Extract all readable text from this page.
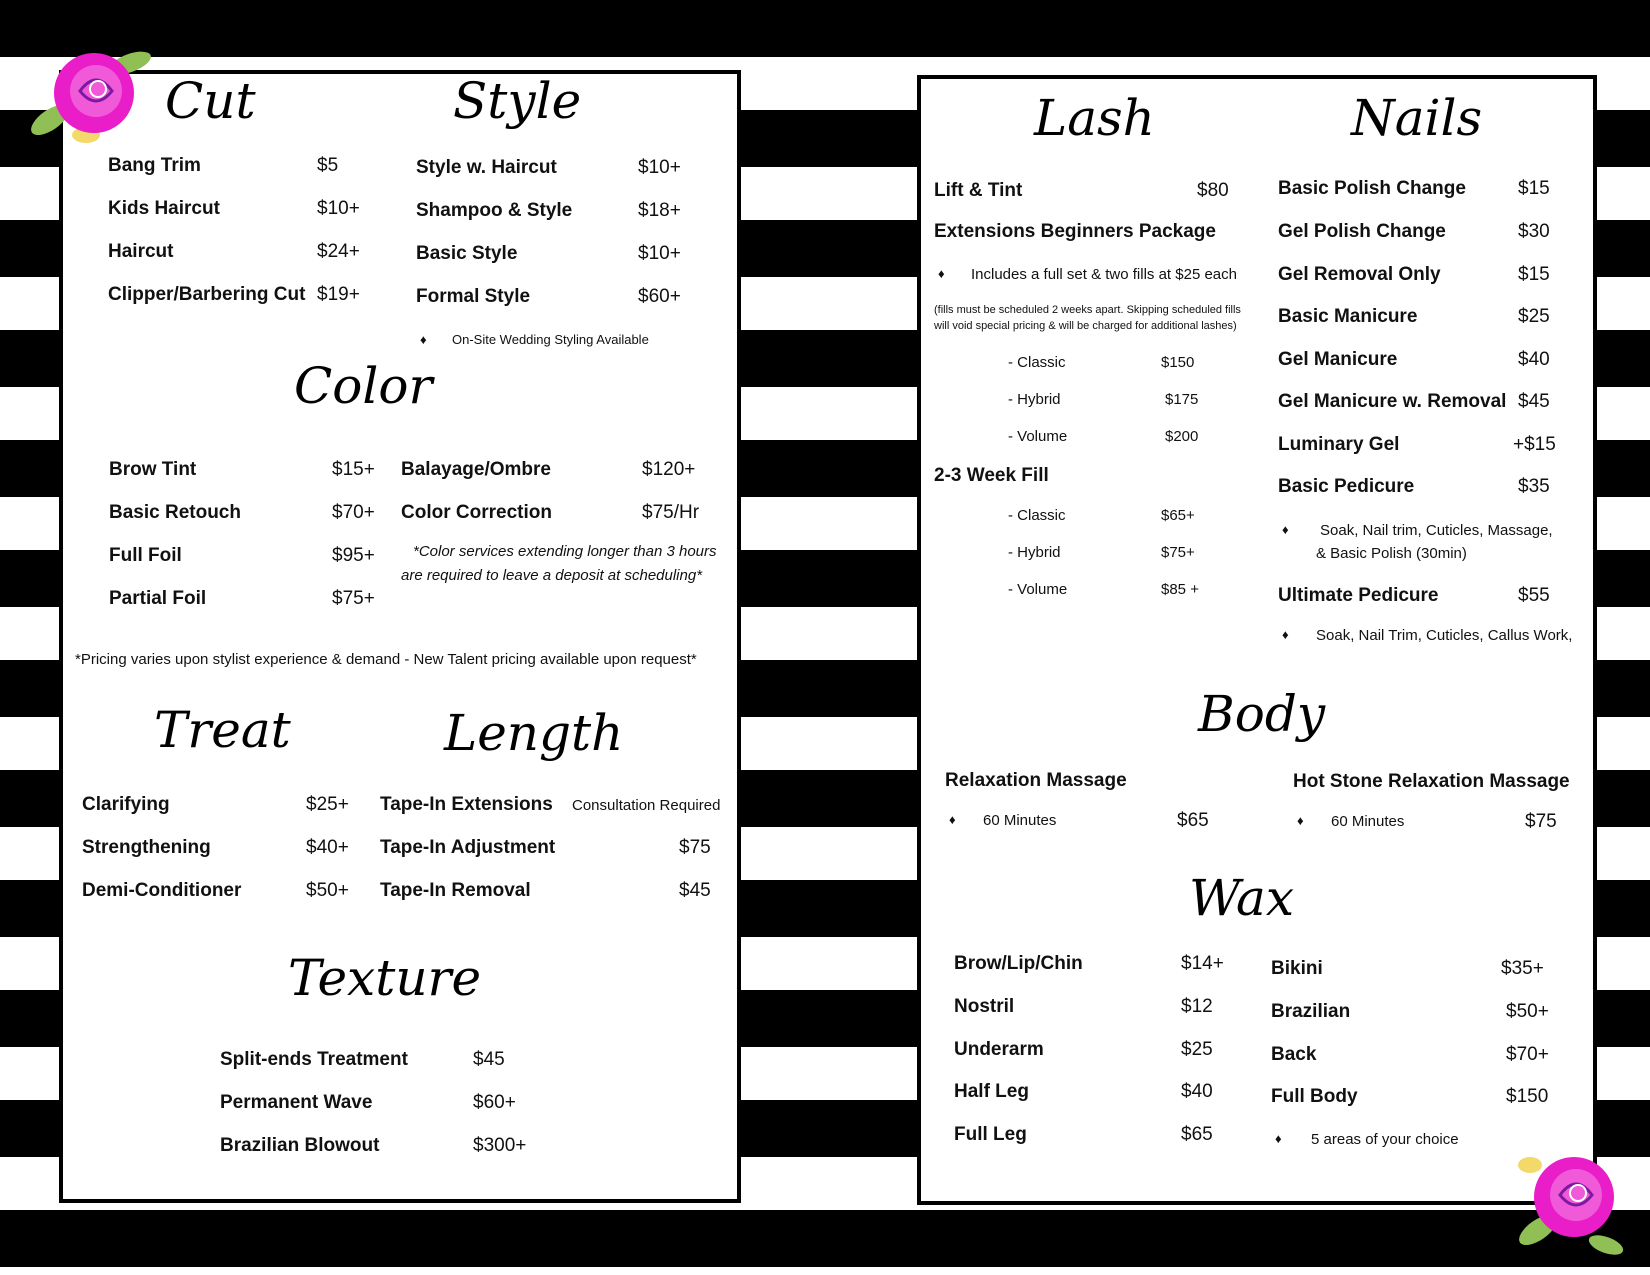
Cut
Bang Trim	$5
Kids Haircut	$10+
Haircut	$24+
Clipper/Barbering Cut $19+
Style
Style w. Haircut	$10+
Shampoo & Style	$18+
Basic Style	$10+
Formal Style	$60+
♦ On-Site Wedding Styling Available
Color
Brow Tint	$15+
Basic Retouch	$70+
Full Foil	$95+
Partial Foil	$75+
Balayage/Ombre	$120+
Color Correction	$75/Hr
*Color services extending longer than 3 hours
are required to leave a deposit at scheduling*
*Pricing varies upon stylist experience & demand - New Talent pricing available upon request*
Treat
Clarifying	$25+
Strengthening	$40+
Demi-Conditioner	$50+
Length
Tape-In Extensions Consultation Required
Tape-In Adjustment	$75
Tape-In Removal	$45
Texture
Split-ends Treatment	$45
Permanent Wave	$60+
Brazilian Blowout	$300+
Lash
Lift & Tint	$80
Extensions Beginners Package
♦ Includes a full set & two fills at $25 each
(fills must be scheduled 2 weeks apart. Skipping scheduled fills will void special pricing & will be charged for additional lashes)
- Classic	$150
- Hybrid	$175
- Volume	$200
2-3 Week Fill
- Classic	$65+
- Hybrid	$75+
- Volume	$85 +
Nails
Basic Polish Change	$15
Gel Polish Change	$30
Gel Removal Only	$15
Basic Manicure	$25
Gel Manicure	$40
Gel Manicure w. Removal $45
Luminary Gel	+$15
Basic Pedicure	$35
♦ Soak, Nail trim, Cuticles, Massage,
& Basic Polish (30min)
Ultimate Pedicure	$55
♦ Soak, Nail Trim, Cuticles, Callus Work,
Body
Relaxation Massage
♦ 60 Minutes	$65
Hot Stone Relaxation Massage
♦ 60 Minutes	$75
Wax
Brow/Lip/Chin	$14+
Nostril	$12
Underarm	$25
Half Leg	$40
Full Leg	$65
Bikini	$35+
Brazilian	$50+
Back	$70+
Full Body	$150
♦ 5 areas of your choice
